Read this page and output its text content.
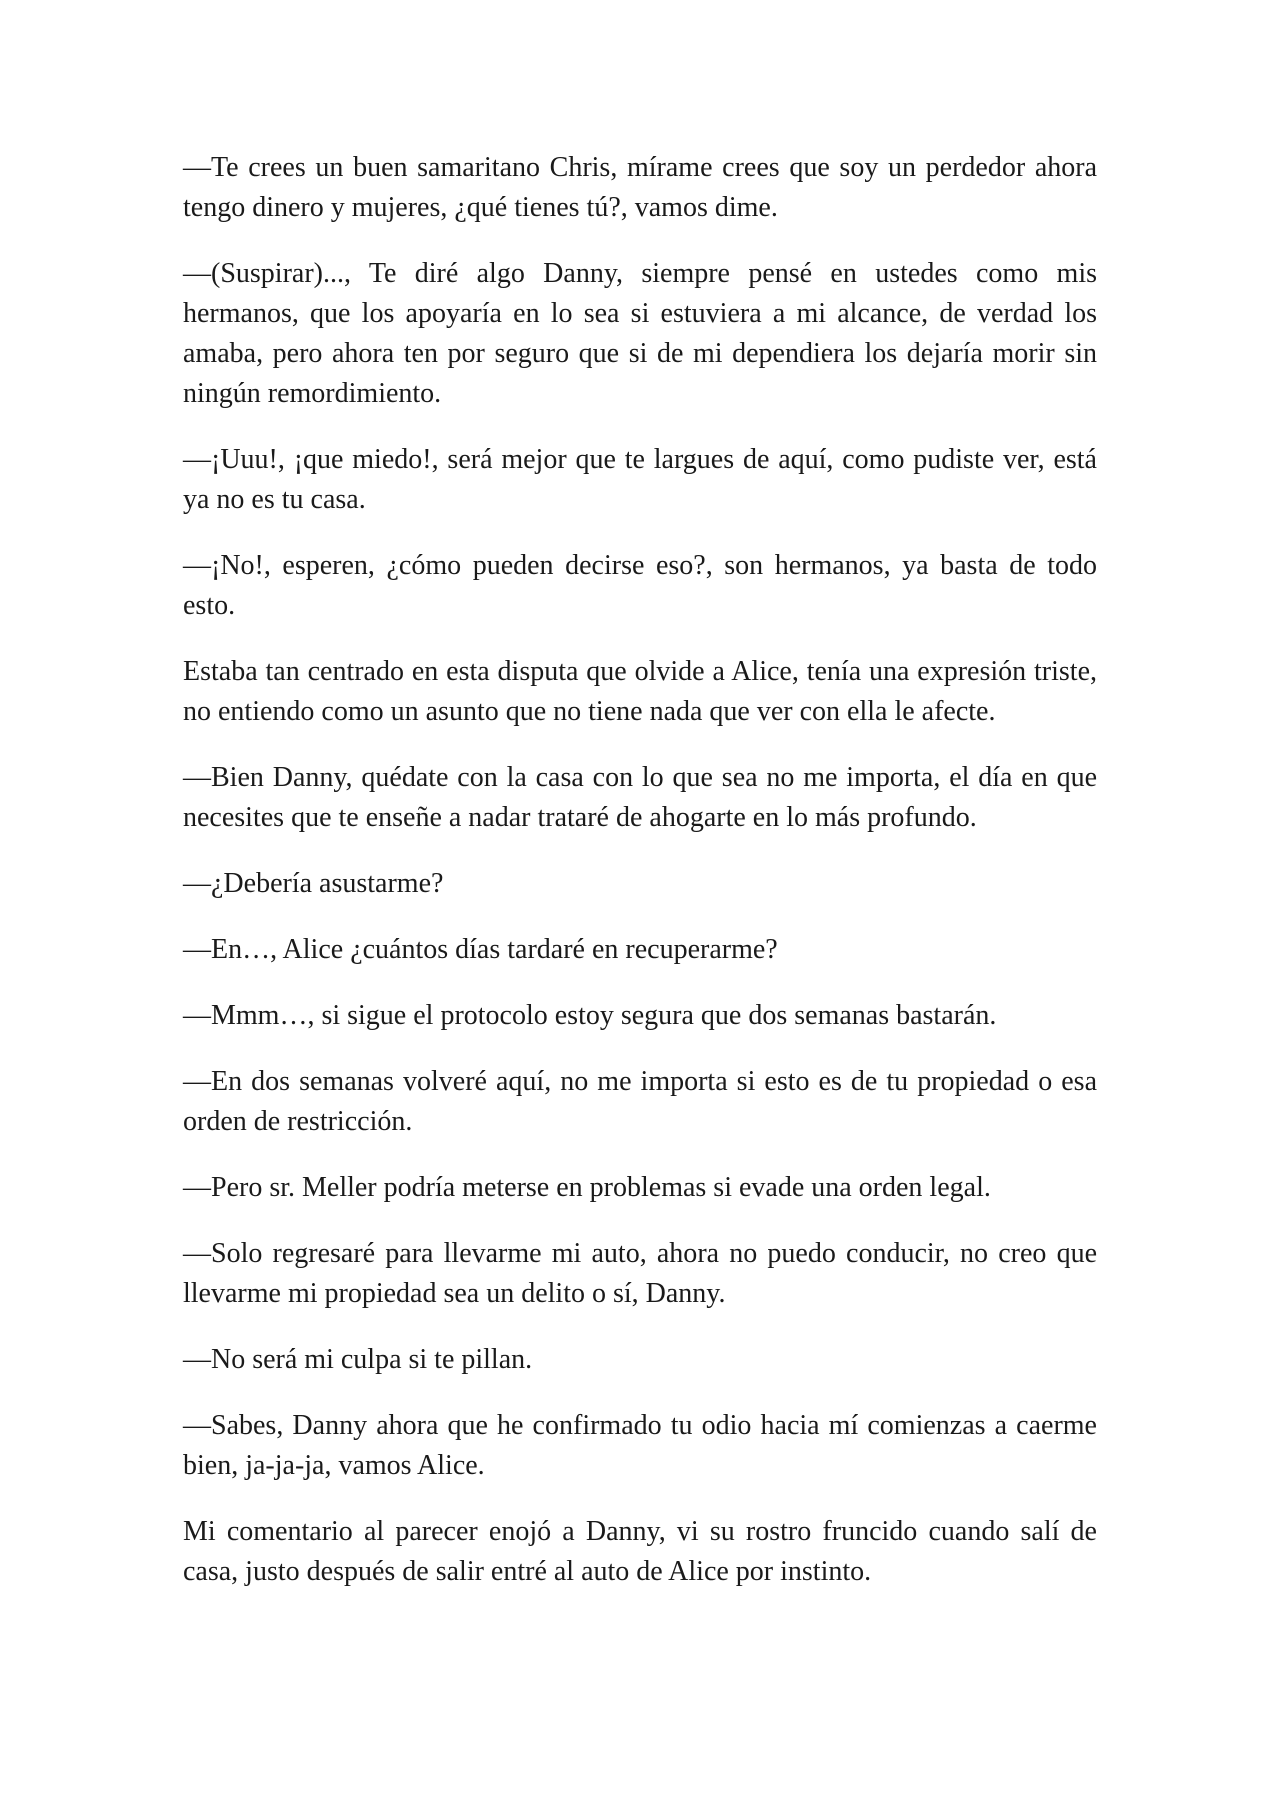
—Te crees un buen samaritano Chris, mírame crees que soy un perdedor ahora tengo dinero y mujeres, ¿qué tienes tú?, vamos dime.

—(Suspirar)..., Te diré algo Danny, siempre pensé en ustedes como mis hermanos, que los apoyaría en lo sea si estuviera a mi alcance, de verdad los amaba, pero ahora ten por seguro que si de mi dependiera los dejaría morir sin ningún remordimiento.

—¡Uuu!, ¡que miedo!, será mejor que te largues de aquí, como pudiste ver, está ya no es tu casa.

—¡No!, esperen, ¿cómo pueden decirse eso?, son hermanos, ya basta de todo esto.

Estaba tan centrado en esta disputa que olvide a Alice, tenía una expresión triste, no entiendo como un asunto que no tiene nada que ver con ella le afecte.

—Bien Danny, quédate con la casa con lo que sea no me importa, el día en que necesites que te enseñe a nadar trataré de ahogarte en lo más profundo.

—¿Debería asustarme?

—En…, Alice ¿cuántos días tardaré en recuperarme?

—Mmm…, si sigue el protocolo estoy segura que dos semanas bastarán.

—En dos semanas volveré aquí, no me importa si esto es de tu propiedad o esa orden de restricción.

—Pero sr. Meller podría meterse en problemas si evade una orden legal.

—Solo regresaré para llevarme mi auto, ahora no puedo conducir, no creo que llevarme mi propiedad sea un delito o sí, Danny.

—No será mi culpa si te pillan.

—Sabes, Danny ahora que he confirmado tu odio hacia mí comienzas a caerme bien, ja-ja-ja, vamos Alice.

Mi comentario al parecer enojó a Danny, vi su rostro fruncido cuando salí de casa, justo después de salir entré al auto de Alice por instinto.
